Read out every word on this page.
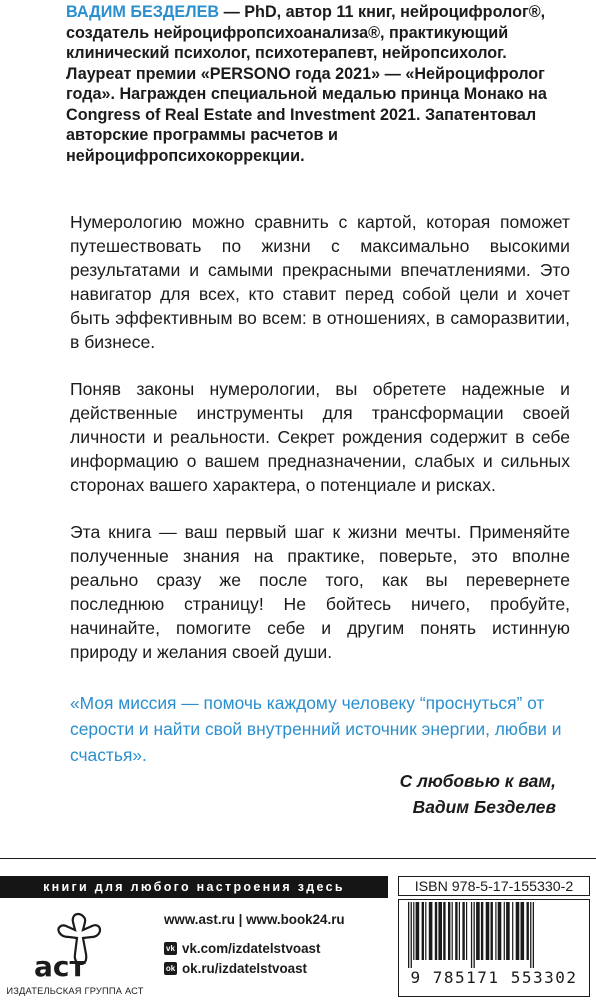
ВАДИМ БЕЗДЕЛЕВ — PhD, автор 11 книг, нейроцифролог®, создатель нейроцифропсихоанализа®, практикующий клинический психолог, психотерапевт, нейропсихолог. Лауреат премии «PERSONO года 2021» — «Нейроцифролог года». Награжден специальной медалью принца Монако на Congress of Real Estate and Investment 2021. Запатентовал авторские программы расчетов и нейроцифропсихокоррекции.

Нумерологию можно сравнить с картой, которая поможет путешествовать по жизни с максимально высокими результатами и самыми прекрасными впечатлениями. Это навигатор для всех, кто ставит перед собой цели и хочет быть эффективным во всем: в отношениях, в саморазвитии, в бизнесе.

Поняв законы нумерологии, вы обретете надежные и действенные инструменты для трансформации своей личности и реальности. Секрет рождения содержит в себе информацию о вашем предназначении, слабых и сильных сторонах вашего характера, о потенциале и рисках.

Эта книга — ваш первый шаг к жизни мечты. Применяйте полученные знания на практике, поверьте, это вполне реально сразу же после того, как вы перевернете последнюю страницу! Не бойтесь ничего, пробуйте, начинайте, помогите себе и другим понять истинную природу и желания своей души.

«Моя миссия — помочь каждому человеку “проснуться” от серости и найти свой внутренний источник энергии, любви и счастья».
С любовью к вам,
Вадим Безделев
книги для любого настроения здесь
аст
ИЗДАТЕЛЬСКАЯ ГРУППА АСТ
www.ast.ru | www.book24.ru
vk vk.com/izdatelstvoast
ok ok.ru/izdatelstvoast
ISBN 978-5-17-155330-2
9 785171 553302
